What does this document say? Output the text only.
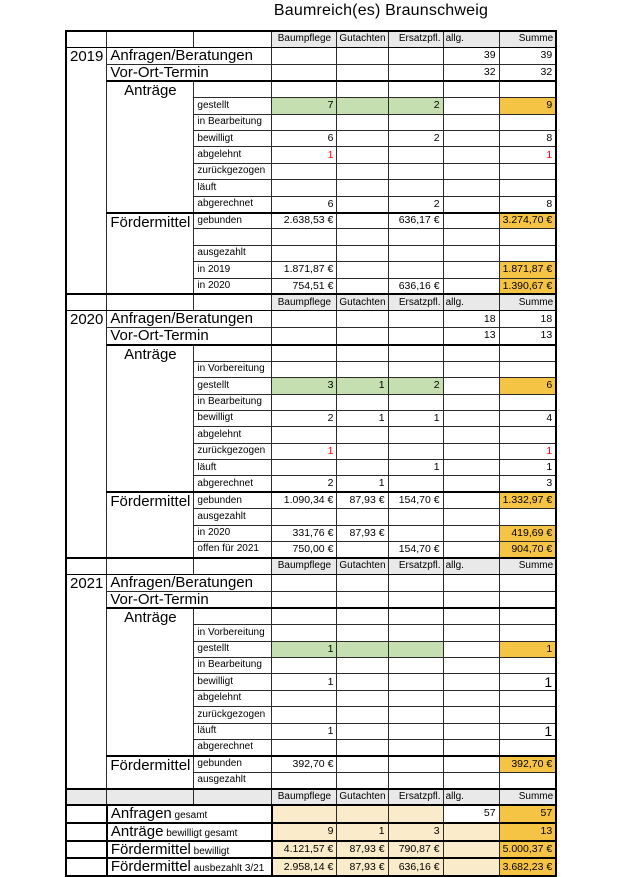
Baumreich(es) Braunschweig
			Baumpflege	Gutachten	Ersatzpfl.	allg.	Summe
2019	Anfragen/Beratungen					39	39
	Vor-Ort-Termin					32	32
	Anträge						
		gestellt	7		2		9
		in Bearbeitung					
		bewilligt	6		2		8
		abgelehnt	1				1
		zurückgezogen					
		läuft					
		abgerechnet	6		2		8
	Fördermittel	gebunden	2.638,53 €		636,17 €		3.274,70 €

		ausgezahlt					
		in 2019	1.871,87 €				1.871,87 €
		in 2020	754,51 €		636,16 €		1.390,67 €
			Baumpflege	Gutachten	Ersatzpfl.	allg.	Summe
2020	Anfragen/Beratungen					18	18
	Vor-Ort-Termin					13	13
	Anträge						
		in Vorbereitung					
		gestellt	3	1	2		6
		in Bearbeitung					
		bewilligt	2	1	1		4
		abgelehnt					
		zurückgezogen	1				1
		läuft			1		1
		abgerechnet	2	1			3
	Fördermittel	gebunden	1.090,34 €	87,93 €	154,70 €		1.332,97 €
		ausgezahlt					
		in 2020	331,76 €	87,93 €			419,69 €
		offen für 2021	750,00 €		154,70 €		904,70 €
			Baumpflege	Gutachten	Ersatzpfl.	allg.	Summe
2021	Anfragen/Beratungen						
	Vor-Ort-Termin						
	Anträge						
		in Vorbereitung					
		gestellt	1				1
		in Bearbeitung					
		bewilligt	1				1
		abgelehnt					
		zurückgezogen					
		läuft	1				1
		abgerechnet					
	Fördermittel	gebunden	392,70 €				392,70 €
		ausgezahlt					
			Baumpflege	Gutachten	Ersatzpfl.	allg.	Summe
	Anfragen gesamt					57	57
	Anträge bewilligt gesamt		9	1	3		13
	Fördermittel bewilligt		4.121,57 €	87,93 €	790,87 €		5.000,37 €
	Fördermittel ausbezahlt 3/21		2.958,14 €	87,93 €	636,16 €		3.682,23 €
